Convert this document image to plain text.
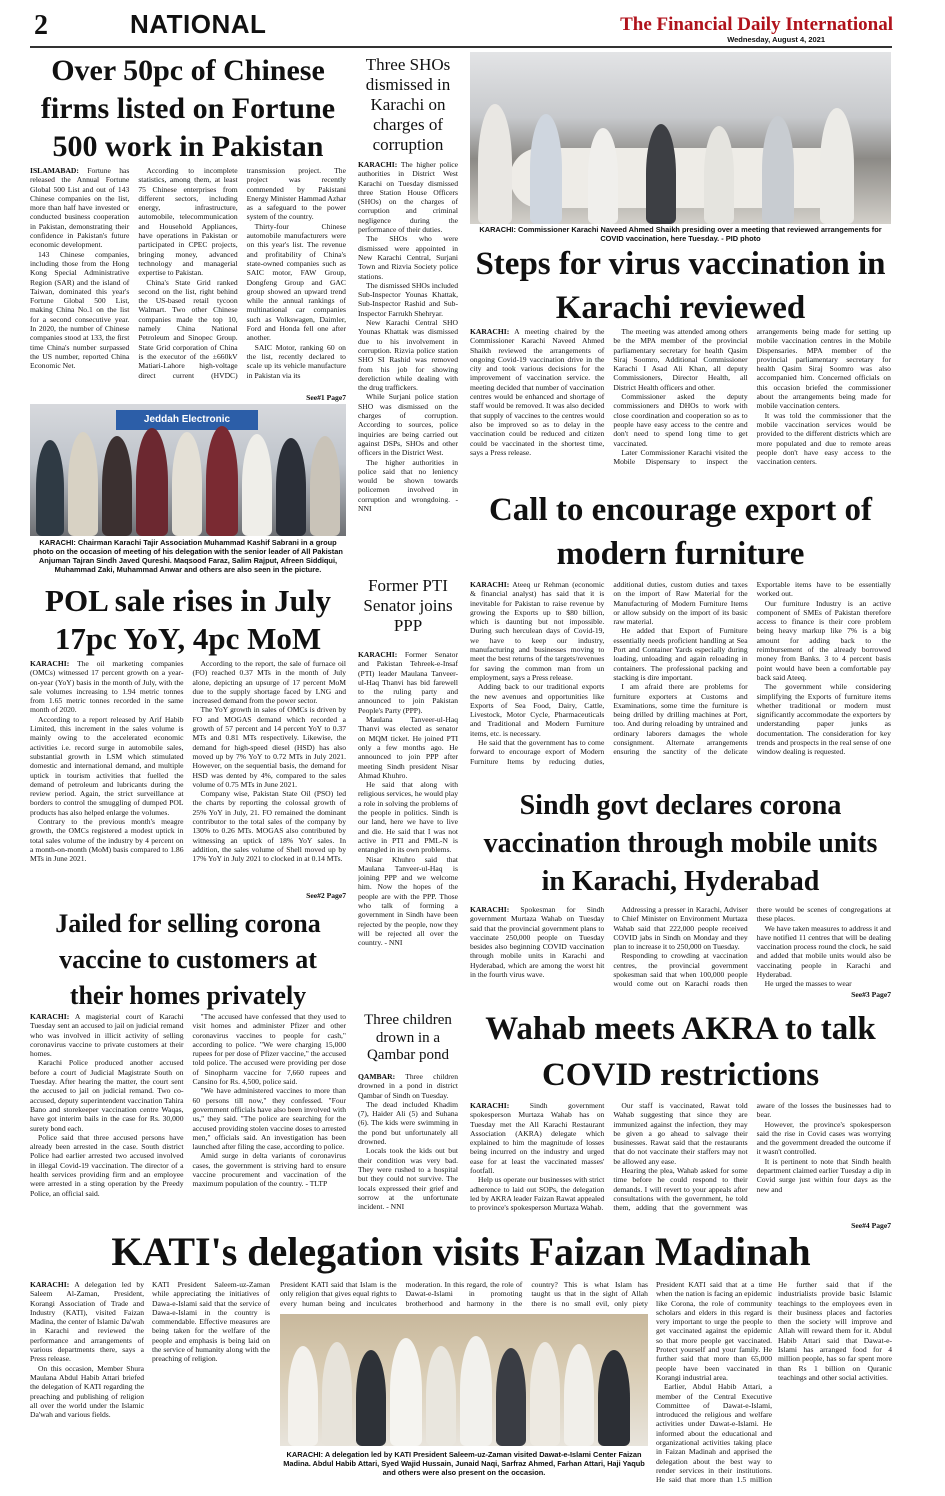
2	NATIONAL	The Financial Daily International
Wednesday, August 4, 2021
Over 50pc of Chinese firms listed on Fortune 500 work in Pakistan

ISLAMABAD: Fortune has released the Annual Fortune Global 500 List and out of 143 Chinese companies on the list, more than half have invested or conducted business cooperation in Pakistan, demonstrating their confidence in Pakistan's future economic development.

143 Chinese companies, including those from the Hong Kong Special Administrative Region (SAR) and the island of Taiwan, dominated this year's Fortune Global 500 List, making China No.1 on the list for a second consecutive year. In 2020, the number of Chinese companies stood at 133, the first time China's number surpassed the US number, reported China Economic Net.

According to incomplete statistics, among them, at least 75 Chinese enterprises from different sectors, including energy, infrastructure, automobile, telecommunication and Household Appliances, have operations in Pakistan or participated in CPEC projects, bringing money, advanced technology and managerial expertise to Pakistan.

China's State Grid ranked second on the list, right behind the US-based retail tycoon Walmart. Two other Chinese companies made the top 10, namely China National Petroleum and Sinopec Group. State Grid corporation of China is the executor of the ±660kV Matiari-Lahore high-voltage direct current (HVDC) transmission project. The project was recently commended by Pakistani Energy Minister Hammad Azhar as a safeguard to the power system of the country.

Thirty-four Chinese automobile manufacturers were on this year's list. The revenue and profitability of China's state-owned companies such as SAIC motor, FAW Group, Dongfeng Group and GAC group showed an upward trend while the annual rankings of multinational car companies such as Volkswagen, Daimler, Ford and Honda fell one after another.

SAIC Motor, ranking 60 on the list, recently declared to scale up its vehicle manufacture in Pakistan via its

See#1 Page7
Jeddah Electronic
KARACHI: Chairman Karachi Tajir Association Muhammad Kashif Sabrani in a group photo on the occasion of meeting of his delegation with the senior leader of All Pakistan Anjuman Tajran Sindh Javed Qureshi. Maqsood Faraz, Salim Rajput, Afreen Siddiqui, Muhammad Zaki, Muhammad Anwar and others are also seen in the picture.
POL sale rises in July 17pc YoY, 4pc MoM

KARACHI: The oil marketing companies (OMCs) witnessed 17 percent growth on a year-on-year (YoY) basis in the month of July, with the sale volumes increasing to 1.94 metric tonnes from 1.65 metric tonnes recorded in the same month of 2020.

According to a report released by Arif Habib Limited, this increment in the sales volume is mainly owing to the accelerated economic activities i.e. record surge in automobile sales, substantial growth in LSM which stimulated domestic and international demand, and multiple uptick in tourism activities that fuelled the demand of petroleum and lubricants during the review period. Again, the strict surveillance at borders to control the smuggling of dumped POL products has also helped enlarge the volumes.

Contrary to the previous month's meagre growth, the OMCs registered a modest uptick in total sales volume of the industry by 4 percent on a month-on-month (MoM) basis compared to 1.86 MTs in June 2021.

According to the report, the sale of furnace oil (FO) reached 0.37 MTs in the month of July alone, depicting an upsurge of 17 percent MoM due to the supply shortage faced by LNG and increased demand from the power sector.

The YoY growth in sales of OMCs is driven by FO and MOGAS demand which recorded a growth of 57 percent and 14 percent YoY to 0.37 MTs and 0.81 MTs respectively. Likewise, the demand for high-speed diesel (HSD) has also moved up by 7% YoY to 0.72 MTs in July 2021. However, on the sequential basis, the demand for HSD was dented by 4%, compared to the sales volume of 0.75 MTs in June 2021.

Company wise, Pakistan State Oil (PSO) led the charts by reporting the colossal growth of 25% YoY in July, 21. FO remained the dominant contributor to the total sales of the company by 130% to 0.26 MTs. MOGAS also contributed by witnessing an uptick of 18% YoY sales. In addition, the sales volume of Shell moved up by 17% YoY in July 2021 to clocked in at 0.14 MTs.

See#2 Page7
Jailed for selling corona vaccine to customers at their homes privately

KARACHI: A magisterial court of Karachi Tuesday sent an accused to jail on judicial remand who was involved in illicit activity of selling coronavirus vaccine to private customers at their homes.

Karachi Police produced another accused before a court of Judicial Magistrate South on Tuesday. After hearing the matter, the court sent the accused to jail on judicial remand. Two co-accused, deputy superintendent vaccination Tahira Bano and storekeeper vaccination centre Waqas, have got interim bails in the case for Rs. 30,000 surety bond each.

Police said that three accused persons have already been arrested in the case. South district Police had earlier arrested two accused involved in illegal Covid-19 vaccination. The director of a health services providing firm and an employee were arrested in a sting operation by the Preedy Police, an official said.

"The accused have confessed that they used to visit homes and administer Pfizer and other coronavirus vaccines to people for cash," according to police. "We were charging 15,000 rupees for per dose of Pfizer vaccine," the accused told police. The accused were providing per dose of Sinopharm vaccine for 7,660 rupees and Cansino for Rs. 4,500, police said.

"We have administered vaccines to more than 60 persons till now," they confessed. "Four government officials have also been involved with us," they said. "The police are searching for the accused providing stolen vaccine doses to arrested men," officials said. An investigation has been launched after filing the case, according to police.

Amid surge in delta variants of coronavirus cases, the government is striving hard to ensure vaccine procurement and vaccination of the maximum population of the country. - TLTP

Three SHOs dismissed in Karachi on charges of corruption

KARACHI: The higher police authorities in District West Karachi on Tuesday dismissed three Station House Officers (SHOs) on the charges of corruption and criminal negligence during the performance of their duties.

The SHOs who were dismissed were appointed in New Karachi Central, Surjani Town and Rizvia Society police stations.

The dismissed SHOs included Sub-Inspector Younas Khattak, Sub-Inspector Rashid and Sub-Inspector Farrukh Shehryar.

New Karachi Central SHO Younas Khattak was dismissed due to his involvement in corruption. Rizvia police station SHO SI Rashid was removed from his job for showing dereliction while dealing with the drug traffickers.

While Surjani police station SHO was dismissed on the charges of corruption. According to sources, police inquiries are being carried out against DSPs, SHOs and other officers in the District West.

The higher authorities in police said that no leniency would be shown towards policemen involved in corruption and wrongdoing. - NNI

Former PTI Senator joins PPP

KARACHI: Former Senator and Pakistan Tehreek-e-Insaf (PTI) leader Maulana Tanveer-ul-Haq Thanvi has bid farewell to the ruling party and announced to join Pakistan People's Party (PPP).

Maulana Tanveer-ul-Haq Thanvi was elected as senator on MQM ticket. He joined PTI only a few months ago. He announced to join PPP after meeting Sindh president Nisar Ahmad Khuhro.

He said that along with religious services, he would play a role in solving the problems of the people in politics. Sindh is our land, here we have to live and die. He said that I was not active in PTI and PML-N is entangled in its own problems.

Nisar Khuhro said that Maulana Tanveer-ul-Haq is joining PPP and we welcome him. Now the hopes of the people are with the PPP. Those who talk of forming a government in Sindh have been rejected by the people, now they will be rejected all over the country. - NNI

Three children drown in a Qambar pond

QAMBAR: Three children drowned in a pond in district Qambar of Sindh on Tuesday.

The dead included Khadim (7), Haider Ali (5) and Suhana (6). The kids were swimming in the pond but unfortunately all drowned.

Locals took the kids out but their condition was very bad. They were rushed to a hospital but they could not survive. The locals expressed their grief and sorrow at the unfortunate incident. - NNI

KARACHI: Commissioner Karachi Naveed Ahmed Shaikh presiding over a meeting that reviewed arrangements for COVID vaccination, here Tuesday. - PID photo
Steps for virus vaccination in Karachi reviewed

KARACHI: A meeting chaired by the Commissioner Karachi Naveed Ahmed Shaikh reviewed the arrangements of ongoing Covid-19 vaccination drive in the city and took various decisions for the improvement of vaccination service. the meeting decided that number of vaccination centres would be enhanced and shortage of staff would be removed. It was also decided that supply of vaccines to the centres would also be improved so as to delay in the vaccination could be reduced and citizen could be vaccinated in the shortest time, says a Press release.

The meeting was attended among others be the MPA member of the provincial parliamentary secretary for health Qasim Siraj Soomro, Additional Commissioner Karachi I Asad Ali Khan, all deputy Commissioners, Director Health, all District Health officers and other.

Commissioner asked the deputy commissioners and DHOs to work with close coordination and cooperation so as to people have easy access to the centre and don't need to spend long time to get vaccinated.

Later Commissioner Karachi visited the Mobile Dispensary to inspect the arrangements being made for setting up mobile vaccination centres in the Mobile Dispensaries. MPA member of the provincial parliamentary secretary for health Qasim Siraj Soomro was also accompanied him. Concerned officials on this occasion briefed the commissioner about the arrangements being made for mobile vaccination centers.

It was told the commissioner that the mobile vaccination services would be provided to the different districts which are more populated and due to remote areas people don't have easy access to the vaccination centers.

Call to encourage export of modern furniture

KARACHI: Ateeq ur Rehman (economic & financial analyst) has said that it is inevitable for Pakistan to raise revenue by growing the Exports up to $80 billion, which is daunting but not impossible. During such herculean days of Covid-19, we have to keep our industry, manufacturing and businesses moving to meet the best returns of the targets/revenues for saving the common man from un employment, says a Press release.

Adding back to our traditional exports the new avenues and opportunities like Exports of Sea Food, Dairy, Cattle, Livestock, Motor Cycle, Pharmaceuticals and Traditional and Modern Furniture items, etc. is necessary.

He said that the government has to come forward to encourage export of Modern Furniture Items by reducing duties, additional duties, custom duties and taxes on the import of Raw Material for the Manufacturing of Modern Furniture Items or allow subsidy on the import of its basic raw material.

He added that Export of Furniture essentially needs proficient handling at Sea Port and Container Yards especially during loading, unloading and again reloading in containers. The professional packing and stacking is dire important.

I am afraid there are problems for furniture exporters at Customs and Examinations, some time the furniture is being drilled by drilling machines at Port, too. And during reloading by untrained and ordinary laborers damages the whole consignment. Alternate arrangements ensuring the sanctity of the delicate Exportable items have to be essentially worked out.

Our furniture Industry is an active component of SMEs of Pakistan therefore access to finance is their core problem being heavy markup like 7% is a big amount for adding back to the reimbursement of the already borrowed money from Banks. 3 to 4 percent basis point would have been a comfortable pay back said Ateeq.

The government while considering simplifying the Exports of furniture items whether traditional or modern must significantly accommodate the exporters by understanding paper junks as documentation. The consideration for key trends and prospects in the real sense of one window dealing is requested.

Sindh govt declares corona vaccination through mobile units in Karachi, Hyderabad

KARACHI: Spokesman for Sindh government Murtaza Wahab on Tuesday said that the provincial government plans to vaccinate 250,000 people on Tuesday besides also beginning COVID vaccination through mobile units in Karachi and Hyderabad, which are among the worst hit in the fourth virus wave.

Addressing a presser in Karachi, Adviser to Chief Minister on Environment Murtaza Wahab said that 222,000 people received COVID jabs in Sindh on Monday and they plan to increase it to 250,000 on Tuesday.

Responding to crowding at vaccination centres, the provincial government spokesman said that when 100,000 people would come out on Karachi roads then there would be scenes of congregations at these places.

We have taken measures to address it and have notified 11 centres that will be dealing vaccination process round the clock, he said and added that mobile units would also be vaccinating people in Karachi and Hyderabad.

He urged the masses to wear

See#3 Page7
Wahab meets AKRA to talk COVID restrictions

KARACHI:	Sindh government spokesperson Murtaza Wahab has on Tuesday met the All Karachi Restaurant Association (AKRA) delegate which explained to him the magnitude of losses being incurred on the industry and urged ease for at least the vaccinated masses' footfall.

Help us operate our businesses with strict adherence to laid out SOPs, the delegation led by AKRA leader Faizan Rawat appealed to province's spokesperson Murtaza Wahab.

Our staff is vaccinated, Rawat told Wahab suggesting that since they are immunized against the infection, they may be given a go ahead to salvage their businesses. Rawat said that the restaurants that do not vaccinate their staffers may not be allowed any ease.

Hearing the plea, Wahab asked for some time before he could respond to their demands. I will revert to your appeals after consultations with the government, he told them, adding that the government was aware of the losses the businesses had to bear.

However, the province's spokesperson said the rise in Covid cases was worrying and the government dreaded the outcome if it wasn't controlled.

It is pertinent to note that Sindh health department claimed earlier Tuesday a dip in Covid surge just within four days as the new and

See#4 Page7
KATI's delegation visits Faizan Madinah

KARACHI: A delegation led by Saleem Al-Zaman, President, Korangi Association of Trade and Industry (KATI), visited Faizan Madina, the center of Islamic Da'wah in Karachi and reviewed the performance and arrangements of various departments there, says a Press release.

On this occasion, Member Shura Maulana Abdul Habib Attari briefed the delegation of KATI regarding the preaching and publishing of religion all over the world under the Islamic Da'wah and various fields.

KATI President Saleem-uz-Zaman while appreciating the initiatives of Dawa-e-Islami said that the service of Dawa-e-Islami in the country is commendable. Effective measures are being taken for the welfare of the people and emphasis is being laid on the service of humanity along with the preaching of religion.

President KATI said that Islam is the only religion that gives equal rights to every human being and inculcates moderation. In this regard, the role of Dawat-e-Islami in promoting brotherhood and harmony in the country? This is what Islam has taught us that in the sight of Allah there is no small evil, only piety

President KATI said that at a time when the nation is facing an epidemic like Corona, the role of community scholars and elders in this regard is very important to urge the people to get vaccinated against the epidemic so that more people get vaccinated. Protect yourself and your family. He further said that more than 65,000 people have been vaccinated in Korangi industrial area.

Earlier, Abdul Habib Attari, a member of the Central Executive Committee of Dawat-e-Islami, introduced the religious and welfare activities under Dawat-e-Islami. He informed about the educational and organizational activities taking place in Faizan Madinah and apprised the delegation about the best way to render services in their institutions. He said that more than 1.5 million

He further said that if the industrialists provide basic Islamic teachings to the employees even in their business places and factories then the society will improve and Allah will reward them for it. Abdul Habib Attari said that Dawat-e-Islami has arranged food for 4 million people, has so far spent more than Rs 1 billion on Quranic teachings and other social activities.

KARACHI: A delegation led by KATI President Saleem-uz-Zaman visited Dawat-e-Islami Center Faizan Madina. Abdul Habib Attari, Syed Wajid Hussain, Junaid Naqi, Sarfraz Ahmed, Farhan Attari, Haji Yaqub and others were also present on the occasion.
